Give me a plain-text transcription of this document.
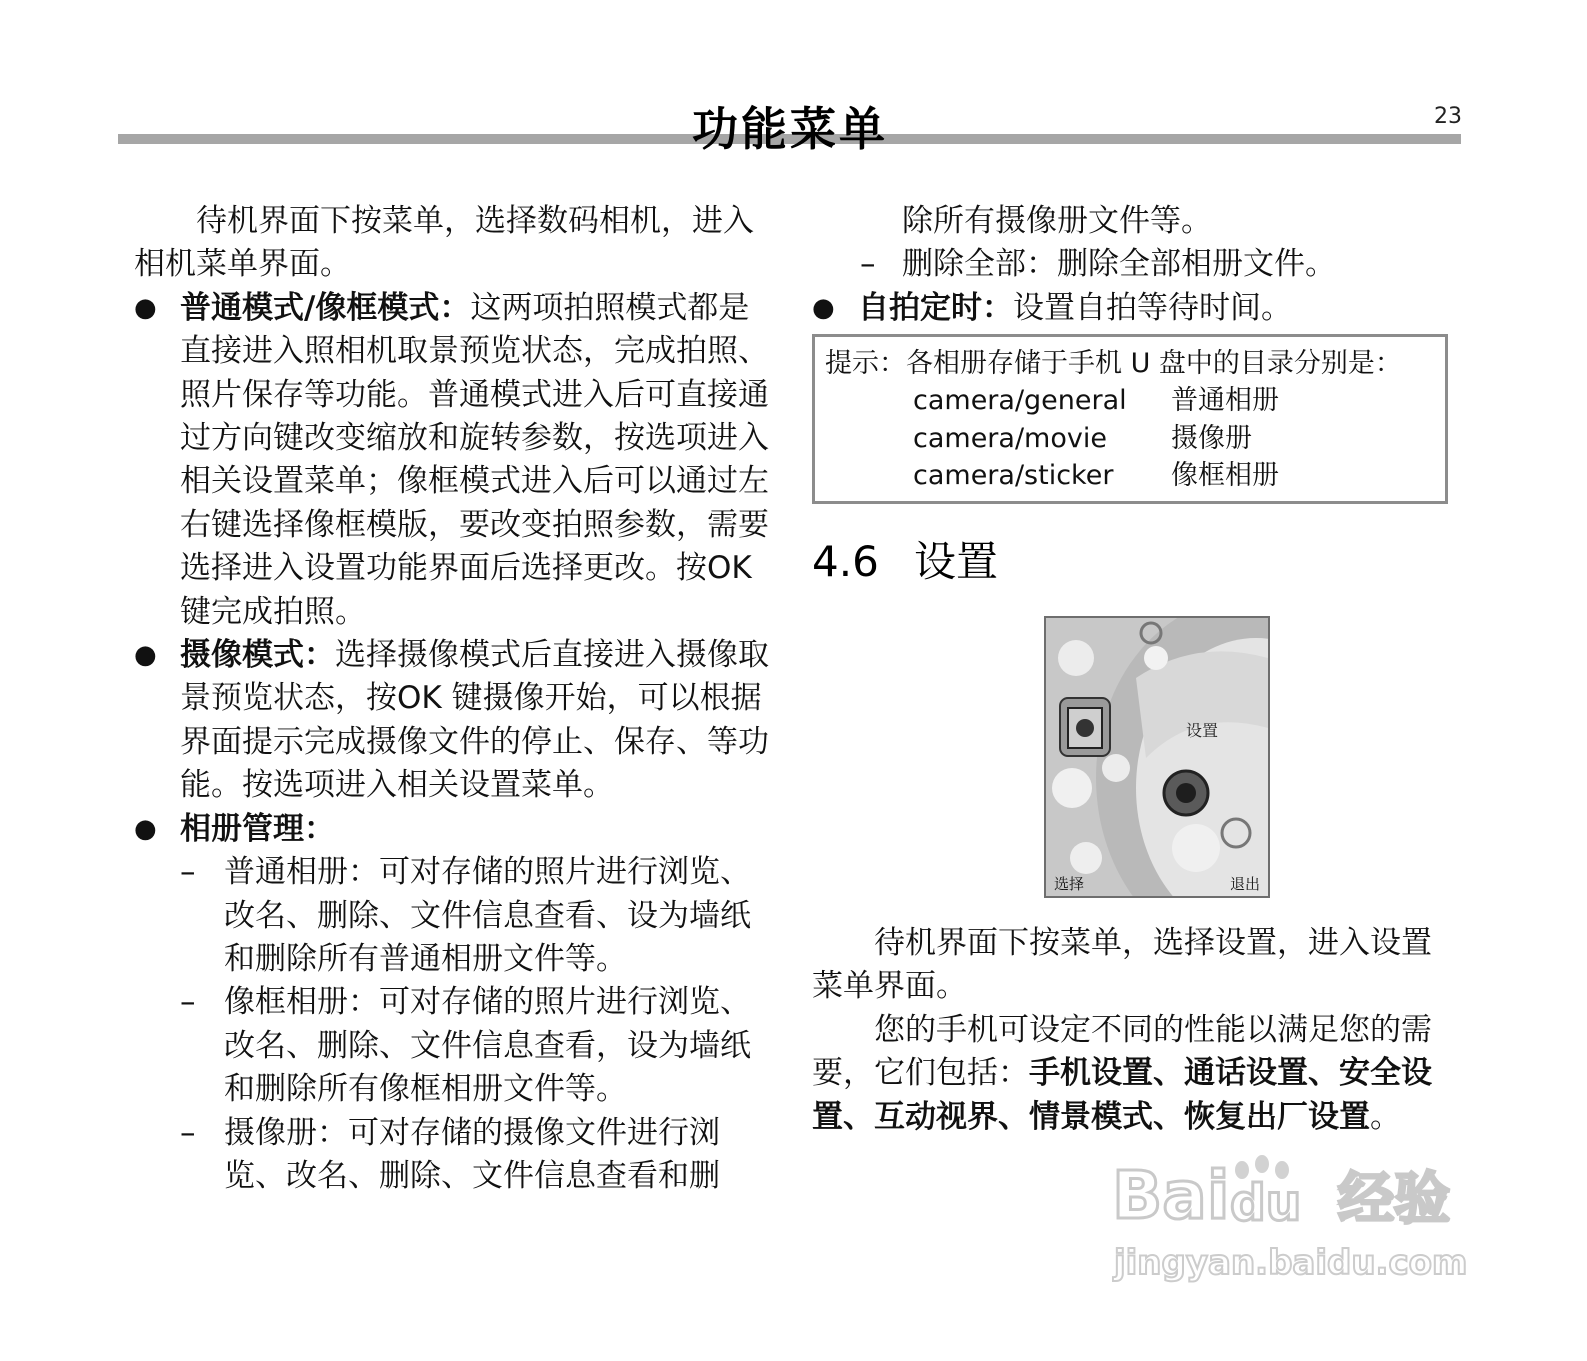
23
功能菜单

待机界面下按菜单，选择数码相机，进入相机菜单界面。

● 普通模式/像框模式：这两项拍照模式都是直接进入照相机取景预览状态，完成拍照、照片保存等功能。普通模式进入后可直接通过方向键改变缩放和旋转参数，按选项进入相关设置菜单；像框模式进入后可以通过左右键选择像框模版，要改变拍照参数，需要选择进入设置功能界面后选择更改。按OK 键完成拍照。

● 摄像模式：选择摄像模式后直接进入摄像取景预览状态，按OK 键摄像开始，可以根据界面提示完成摄像文件的停止、保存、等功能。按选项进入相关设置菜单。

● 相册管理：

– 普通相册：可对存储的照片进行浏览、改名、删除、文件信息查看、设为墙纸和删除所有普通相册文件等。

– 像框相册：可对存储的照片进行浏览、改名、删除、文件信息查看，设为墙纸和删除所有像框相册文件等。

– 摄像册：可对存储的摄像文件进行浏览、改名、删除、文件信息查看和删

除所有摄像册文件等。

– 删除全部：删除全部相册文件。

● 自拍定时：设置自拍等待时间。

提示：各相册存储于手机 U 盘中的目录分别是：

camera/general 普通相册

camera/movie 摄像册

camera/sticker 像框相册

4.6 设置
设置
选择	退出

待机界面下按菜单，选择设置，进入设置菜单界面。

您的手机可设定不同的性能以满足您的需要，它们包括：手机设置、通话设置、安全设置、互动视界、情景模式、恢复出厂设置。

Bai du 经验
jingyan.baidu.com
